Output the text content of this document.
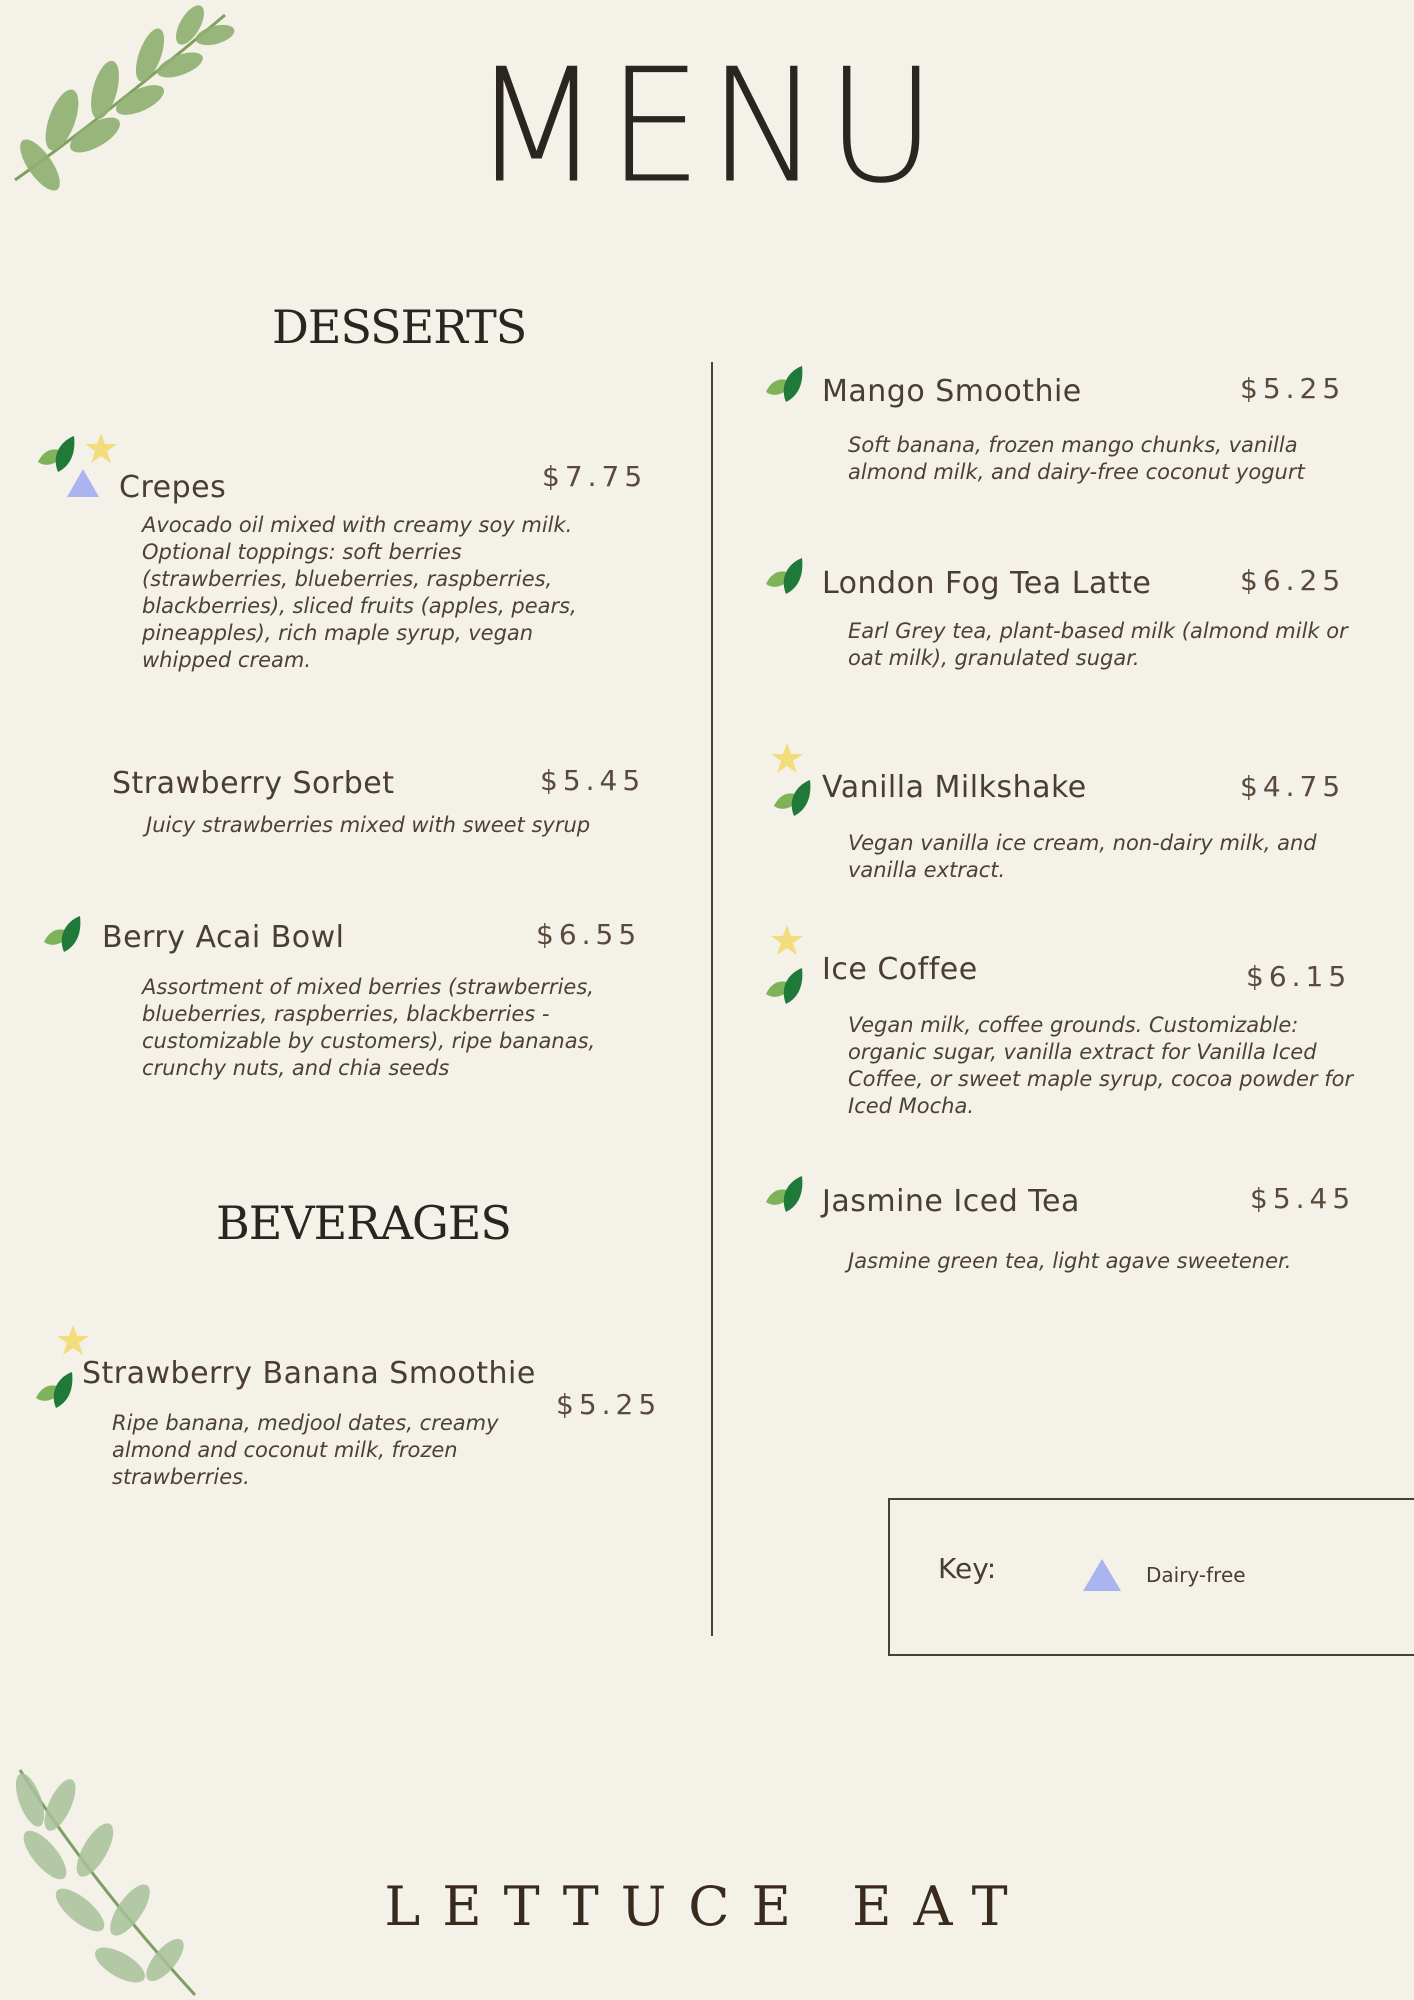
MENU
DESSERTS
BEVERAGES
Crepes	$7.75
Avocado oil mixed with creamy soy milk. Optional toppings: soft berries (strawberries, blueberries, raspberries, blackberries), sliced fruits (apples, pears, pineapples), rich maple syrup, vegan whipped cream.
Strawberry Sorbet	$5.45
Juicy strawberries mixed with sweet syrup
Berry Acai Bowl	$6.55
Assortment of mixed berries (strawberries, blueberries, raspberries, blackberries - customizable by customers), ripe bananas, crunchy nuts, and chia seeds
Strawberry Banana Smoothie
$5.25
Ripe banana, medjool dates, creamy almond and coconut milk, frozen strawberries.
Mango Smoothie	$5.25
Soft banana, frozen mango chunks, vanilla almond milk, and dairy-free coconut yogurt
London Fog Tea Latte	$6.25
Earl Grey tea, plant-based milk (almond milk or oat milk), granulated sugar.
Vanilla Milkshake	$4.75
Vegan vanilla ice cream, non-dairy milk, and vanilla extract.
Ice Coffee	$6.15
Vegan milk, coffee grounds. Customizable: organic sugar, vanilla extract for Vanilla Iced Coffee, or sweet maple syrup, cocoa powder for Iced Mocha.
Jasmine Iced Tea	$5.45
Jasmine green tea, light agave sweetener.
Key:	Dairy-free
LETTUCE EAT
